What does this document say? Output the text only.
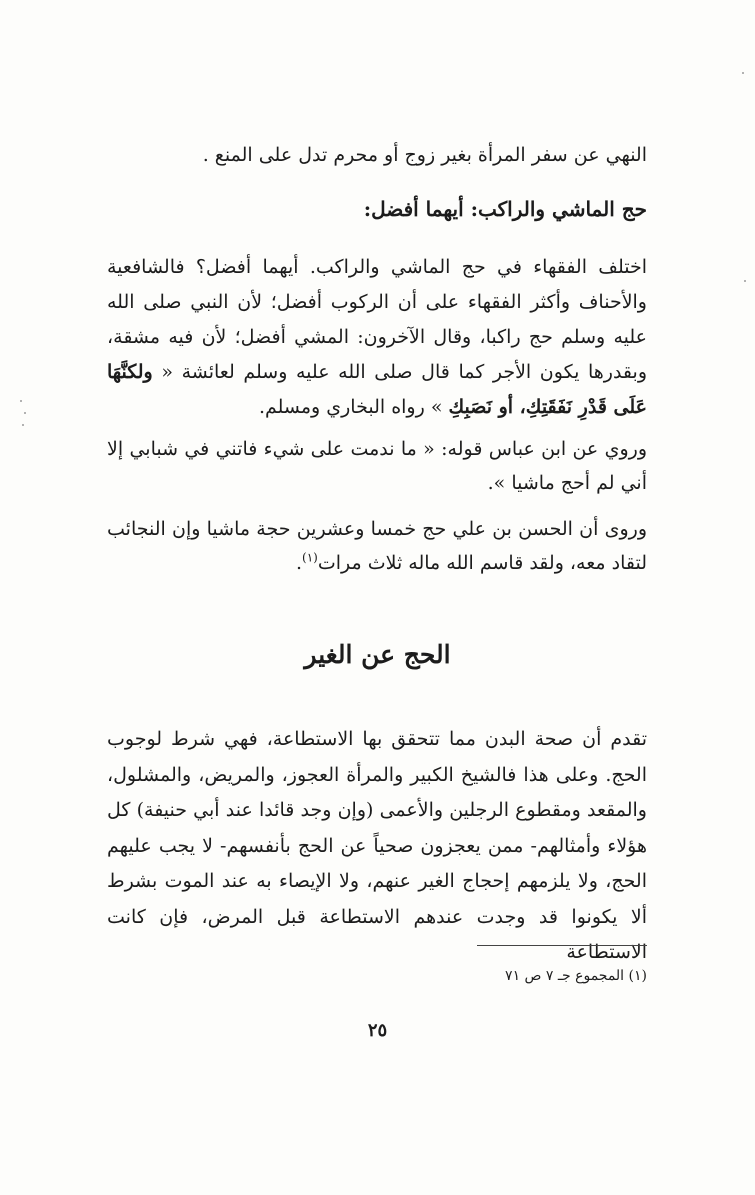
النهي عن سفر المرأة بغير زوج أو محرم تدل على المنع .

حج الماشي والراكب: أيهما أفضل:

اختلف الفقهاء في حج الماشي والراكب. أيهما أفضل؟ فالشافعية والأحناف وأكثر الفقهاء على أن الركوب أفضل؛ لأن النبي صلى الله عليه وسلم حج راكبا، وقال الآخرون: المشي أفضل؛ لأن فيه مشقة، وبقدرها يكون الأجر كما قال صلى الله عليه وسلم لعائشة « ولكنَّهَا عَلَى قَدْرِ نَفَقَتِكِ، أو نَصَبِكِ » رواه البخاري ومسلم.

وروي عن ابن عباس قوله: « ما ندمت على شيء فاتني في شبابي إلا أني لم أحج ماشيا ».

وروى أن الحسن بن علي حج خمسا وعشرين حجة ماشيا وإن النجائب لتقاد معه، ولقد قاسم الله ماله ثلاث مرات$^{(١)}$.

الحج عن الغير

تقدم أن صحة البدن مما تتحقق بها الاستطاعة، فهي شرط لوجوب الحج. وعلى هذا فالشيخ الكبير والمرأة العجوز، والمريض، والمشلول، والمقعد ومقطوع الرجلين والأعمى (وإن وجد قائدا عند أبي حنيفة) كل هؤلاء وأمثالهم- ممن يعجزون صحياً عن الحج بأنفسهم- لا يجب عليهم الحج، ولا يلزمهم إحجاج الغير عنهم، ولا الإيصاء به عند الموت بشرط ألا يكونوا قد وجدت عندهم الاستطاعة قبل المرض، فإن كانت الاستطاعة

(١) المجموع جـ ٧ ص ٧١
٢٥
